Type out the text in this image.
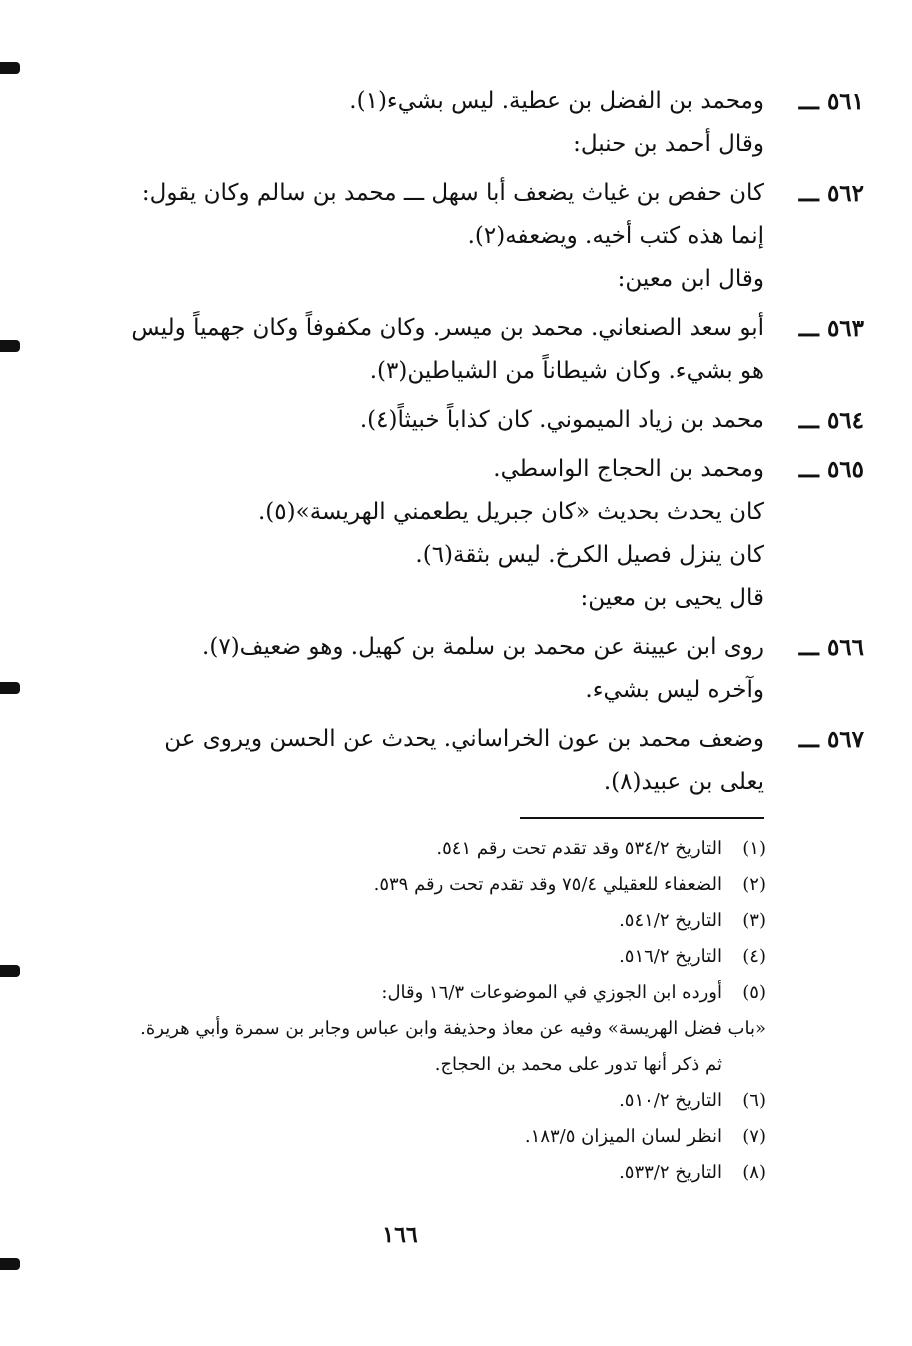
٥٦١ ـــ
ومحمد بن الفضل بن عطية. ليس بشيء(١).
وقال أحمد بن حنبل:
٥٦٢ ـــ
كان حفص بن غياث يضعف أبا سهل ـــ محمد بن سالم وكان يقول:
إنما هذه كتب أخيه. ويضعفه(٢).
وقال ابن معين:
٥٦٣ ـــ
أبو سعد الصنعاني. محمد بن ميسر. وكان مكفوفاً وكان جهمياً وليس
هو بشيء. وكان شيطاناً من الشياطين(٣).
٥٦٤ ـــ
محمد بن زياد الميموني. كان كذاباً خبيثاً(٤).
٥٦٥ ـــ
ومحمد بن الحجاج الواسطي.
كان يحدث بحديث «كان جبريل يطعمني الهريسة»(٥).
كان ينزل فصيل الكرخ. ليس بثقة(٦).
قال يحيى بن معين:
٥٦٦ ـــ
روى ابن عيينة عن محمد بن سلمة بن كهيل. وهو ضعيف(٧).
وآخره ليس بشيء.
٥٦٧ ـــ
وضعف محمد بن عون الخراساني. يحدث عن الحسن ويروى عن
يعلى بن عبيد(٨).
(١)
التاريخ ٥٣٤/٢ وقد تقدم تحت رقم ٥٤١.
(٢)
الضعفاء للعقيلي ٧٥/٤ وقد تقدم تحت رقم ٥٣٩.
(٣)
التاريخ ٥٤١/٢.
(٤)
التاريخ ٥١٦/٢.
(٥)
أورده ابن الجوزي في الموضوعات ١٦/٣ وقال:
«باب فضل الهريسة» وفيه عن معاذ وحذيفة وابن عباس وجابر بن سمرة وأبي هريرة.
ثم ذكر أنها تدور على محمد بن الحجاج.
(٦)
التاريخ ٥١٠/٢.
(٧)
انظر لسان الميزان ١٨٣/٥.
(٨)
التاريخ ٥٣٣/٢.
١٦٦
